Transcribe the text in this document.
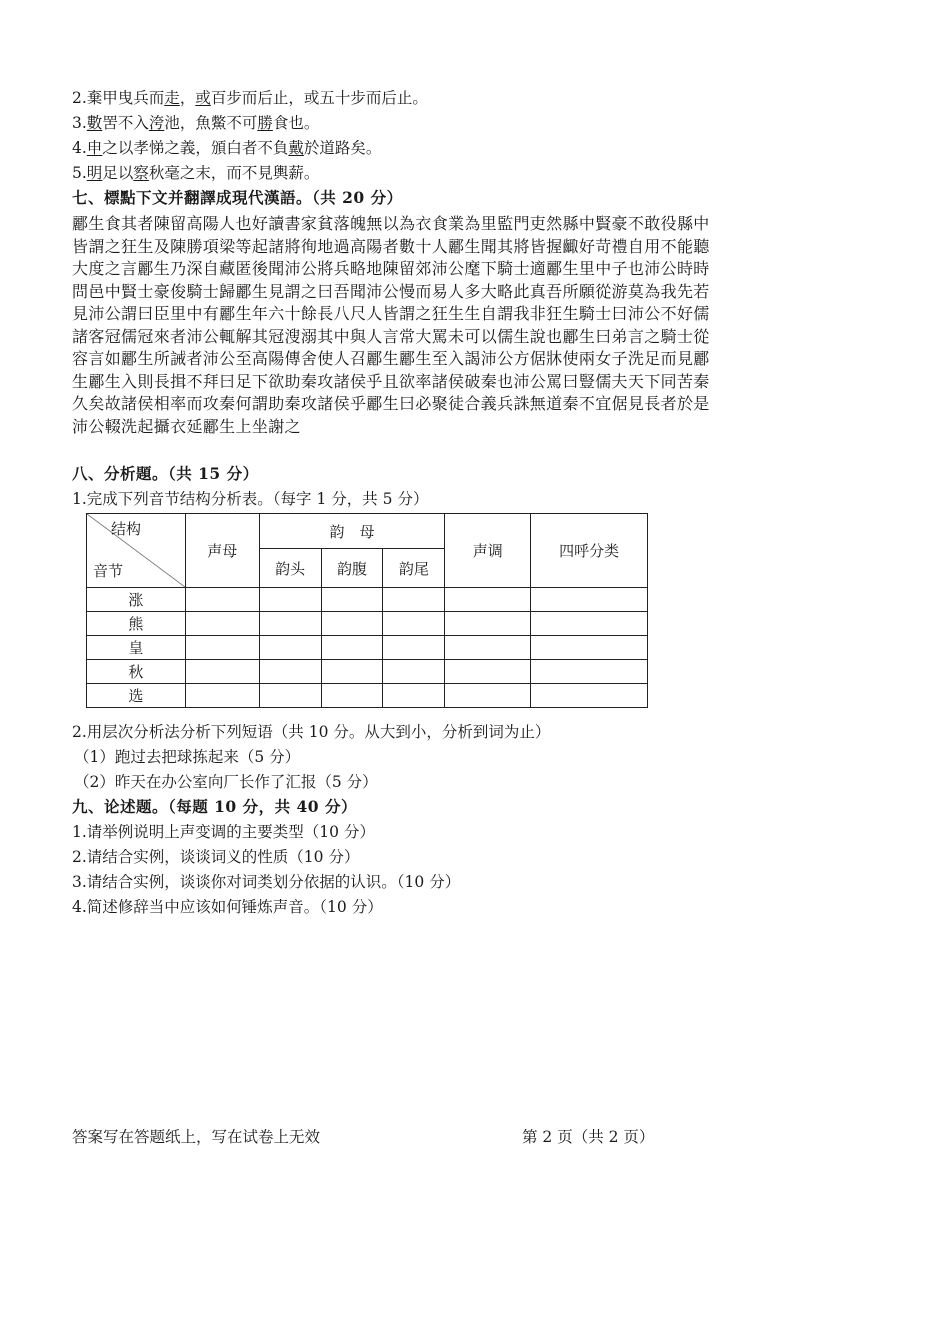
2.棄甲曳兵而走，或百步而后止，或五十步而后止。
3.數罟不入洿池，魚鱉不可勝食也。
4.申之以孝悌之義，頒白者不負戴於道路矣。
5.明足以察秋毫之末，而不見輿薪。
七、標點下文并翻譯成現代漢語。（共 20 分）
酈生食其者陳留高陽人也好讀書家貧落魄無以為衣食業為里監門吏然縣中賢豪不敢役縣中
皆謂之狂生及陳勝項梁等起諸將徇地過高陽者數十人酈生聞其將皆握齱好苛禮自用不能聽
大度之言酈生乃深自藏匿後聞沛公將兵略地陳留郊沛公麾下騎士適酈生里中子也沛公時時
問邑中賢士豪俊騎士歸酈生見謂之曰吾聞沛公慢而易人多大略此真吾所願從游莫為我先若
見沛公謂曰臣里中有酈生年六十餘長八尺人皆謂之狂生生自謂我非狂生騎士曰沛公不好儒
諸客冠儒冠來者沛公輒解其冠溲溺其中與人言常大罵未可以儒生說也酈生曰弟言之騎士從
容言如酈生所誡者沛公至高陽傳舍使人召酈生酈生至入謁沛公方倨牀使兩女子洗足而見酈
生酈生入則長揖不拜曰足下欲助秦攻諸侯乎且欲率諸侯破秦也沛公罵曰豎儒夫天下同苦秦
久矣故諸侯相率而攻秦何謂助秦攻諸侯乎酈生曰必聚徒合義兵誅無道秦不宜倨見長者於是
沛公輟洗起攝衣延酈生上坐謝之
八、分析題。（共 15 分）
1.完成下列音节结构分析表。（每字 1 分，共 5 分）
结构
音节	声母	韵　母			声调	四呼分类
		韵头	韵腹	韵尾		
涨						
熊						
皇						
秋						
选						
2.用层次分析法分析下列短语（共 10 分。从大到小，分析到词为止）
（1）跑过去把球拣起来（5 分）
（2）昨天在办公室向厂长作了汇报（5 分）
九、论述题。（每题 10 分，共 40 分）
1.请举例说明上声变调的主要类型（10 分）
2.请结合实例，谈谈词义的性质（10 分）
3.请结合实例，谈谈你对词类划分依据的认识。（10 分）
4.简述修辞当中应该如何锤炼声音。（10 分）
答案写在答题纸上，写在试卷上无效	第 2 页（共 2 页）
